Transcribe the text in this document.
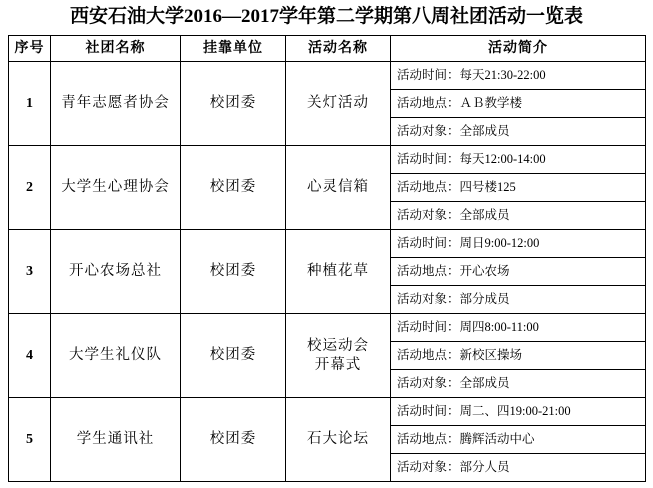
西安石油大学2016—2017学年第二学期第八周社团活动一览表
序号	社团名称	挂靠单位	活动名称	活动简介
1	青年志愿者协会	校团委	关灯活动	
活动时间：每天21:30-22:00
活动地点：ＡＢ教学楼
活动对象：全部成员

2	大学生心理协会	校团委	心灵信箱	
活动时间：每天12:00-14:00
活动地点：四号楼125
活动对象：全部成员

3	开心农场总社	校团委	种植花草	
活动时间：周日9:00-12:00
活动地点：开心农场
活动对象：部分成员

4	大学生礼仪队	校团委	校运动会开幕式	
活动时间：周四8:00-11:00
活动地点：新校区操场
活动对象：全部成员

5	学生通讯社	校团委	石大论坛	
活动时间：周二、四19:00-21:00
活动地点：腾辉活动中心
活动对象：部分人员
